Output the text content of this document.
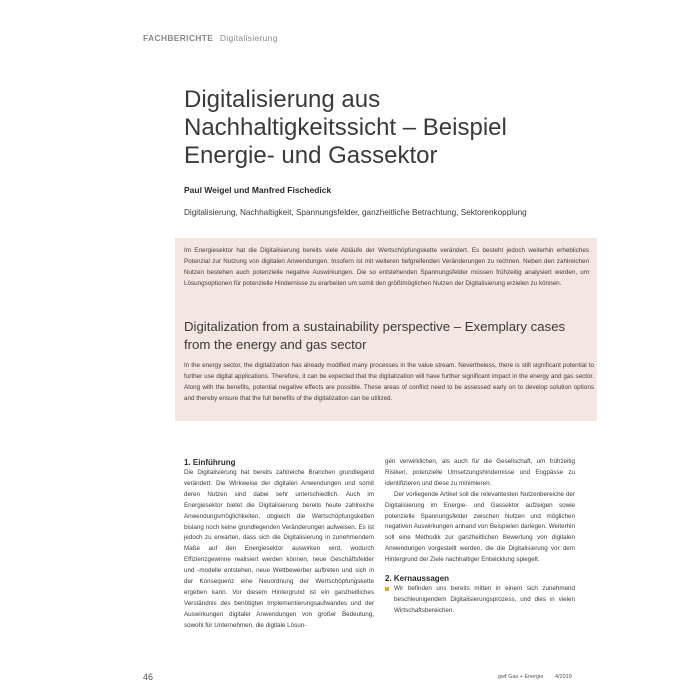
FACHBERICHTE Digitalisierung
Digitalisierung aus
Nachhaltigkeitssicht – Beispiel
Energie- und Gassektor
Paul Weigel und Manfred Fischedick
Digitalisierung, Nachhaltigkeit, Spannungsfelder, ganzheitliche Betrachtung, Sektorenkopplung
Im Energiesektor hat die Digitalisierung bereits viele Abläufe der Wertschöpfungskette verändert. Es besteht jedoch weiterhin erhebliches Potenzial zur Nutzung von digitalen Anwendungen. Insofern ist mit weiteren tiefgreifenden Veränderungen zu rechnen. Neben den zahlreichen Nutzen bestehen auch potenzielle negative Auswirkungen. Die so entstehenden Spannungsfelder müssen frühzeitig analysiert werden, um Lösungsoptionen für potenzielle Hindernisse zu erarbeiten um somit den größtmöglichen Nutzen der Digitalisierung erzielen zu können.
Digitalization from a sustainability perspective – Exemplary cases
from the energy and gas sector
In the energy sector, the digitalization has already modified many processes in the value stream. Nevertheless, there is still significant potential to further use digital applications. Therefore, it can be expected that the digitalization will have further significant impact in the energy and gas sector. Along with the benefits, potential negative effects are possible. These areas of conflict need to be assessed early on to develop solution options and thereby ensure that the full benefits of the digitalization can be utilized.
1. Einführung

Die Digitalisierung hat bereits zahlreiche Branchen grundlegend verändert. Die Wirkweise der digitalen Anwendungen und somit deren Nutzen sind dabei sehr unterschiedlich. Auch im Energiesektor bietet die Digitalisierung bereits heute zahlreiche Anwendungsmöglichkeiten, obgleich die Wertschöpfungsketten bislang noch keine grundlegenden Veränderungen aufweisen. Es ist jedoch zu erwarten, dass sich die Digitalisierung in zunehmendem Maße auf den Energiesektor auswirken wird, wodurch Effizienzgewinne realisiert werden können, neue Geschäftsfelder und -modelle entstehen, neue Wettbewerber auftreten und sich in der Konsequenz eine Neuordnung der Wertschöpfungskette ergeben kann. Vor diesem Hintergrund ist ein ganzheitliches Verständnis des benötigten Implementierungsaufwandes und der Auswirkungen digitaler Anwendungen von großer Bedeutung, sowohl für Unternehmen, die digitale Lösun-

gen verwirklichen, als auch für die Gesellschaft, um frühzeitig Risiken, potenzielle Umsetzungshindernisse und Engpässe zu identifizieren und diese zu minimieren.

Der vorliegende Artikel soll die relevantesten Nutzenbereiche der Digitalisierung im Energie- und Gassektor aufzeigen sowie potenzielle Spannungsfelder zwischen Nutzen und möglichen negativen Auswirkungen anhand von Beispielen darlegen. Weiterhin soll eine Methodik zur ganzheitlichen Bewertung von digitalen Anwendungen vorgestellt werden, die die Digitalisierung vor dem Hintergrund der Ziele nachhaltiger Entwicklung spiegelt.

2. Kernaussagen
Wir befinden uns bereits mitten in einem sich zunehmend beschleunigendem Digitalisierungsprozess, und dies in vielen Wirtschaftsbereichen.
46	gwf Gas + Energie 4/2019
